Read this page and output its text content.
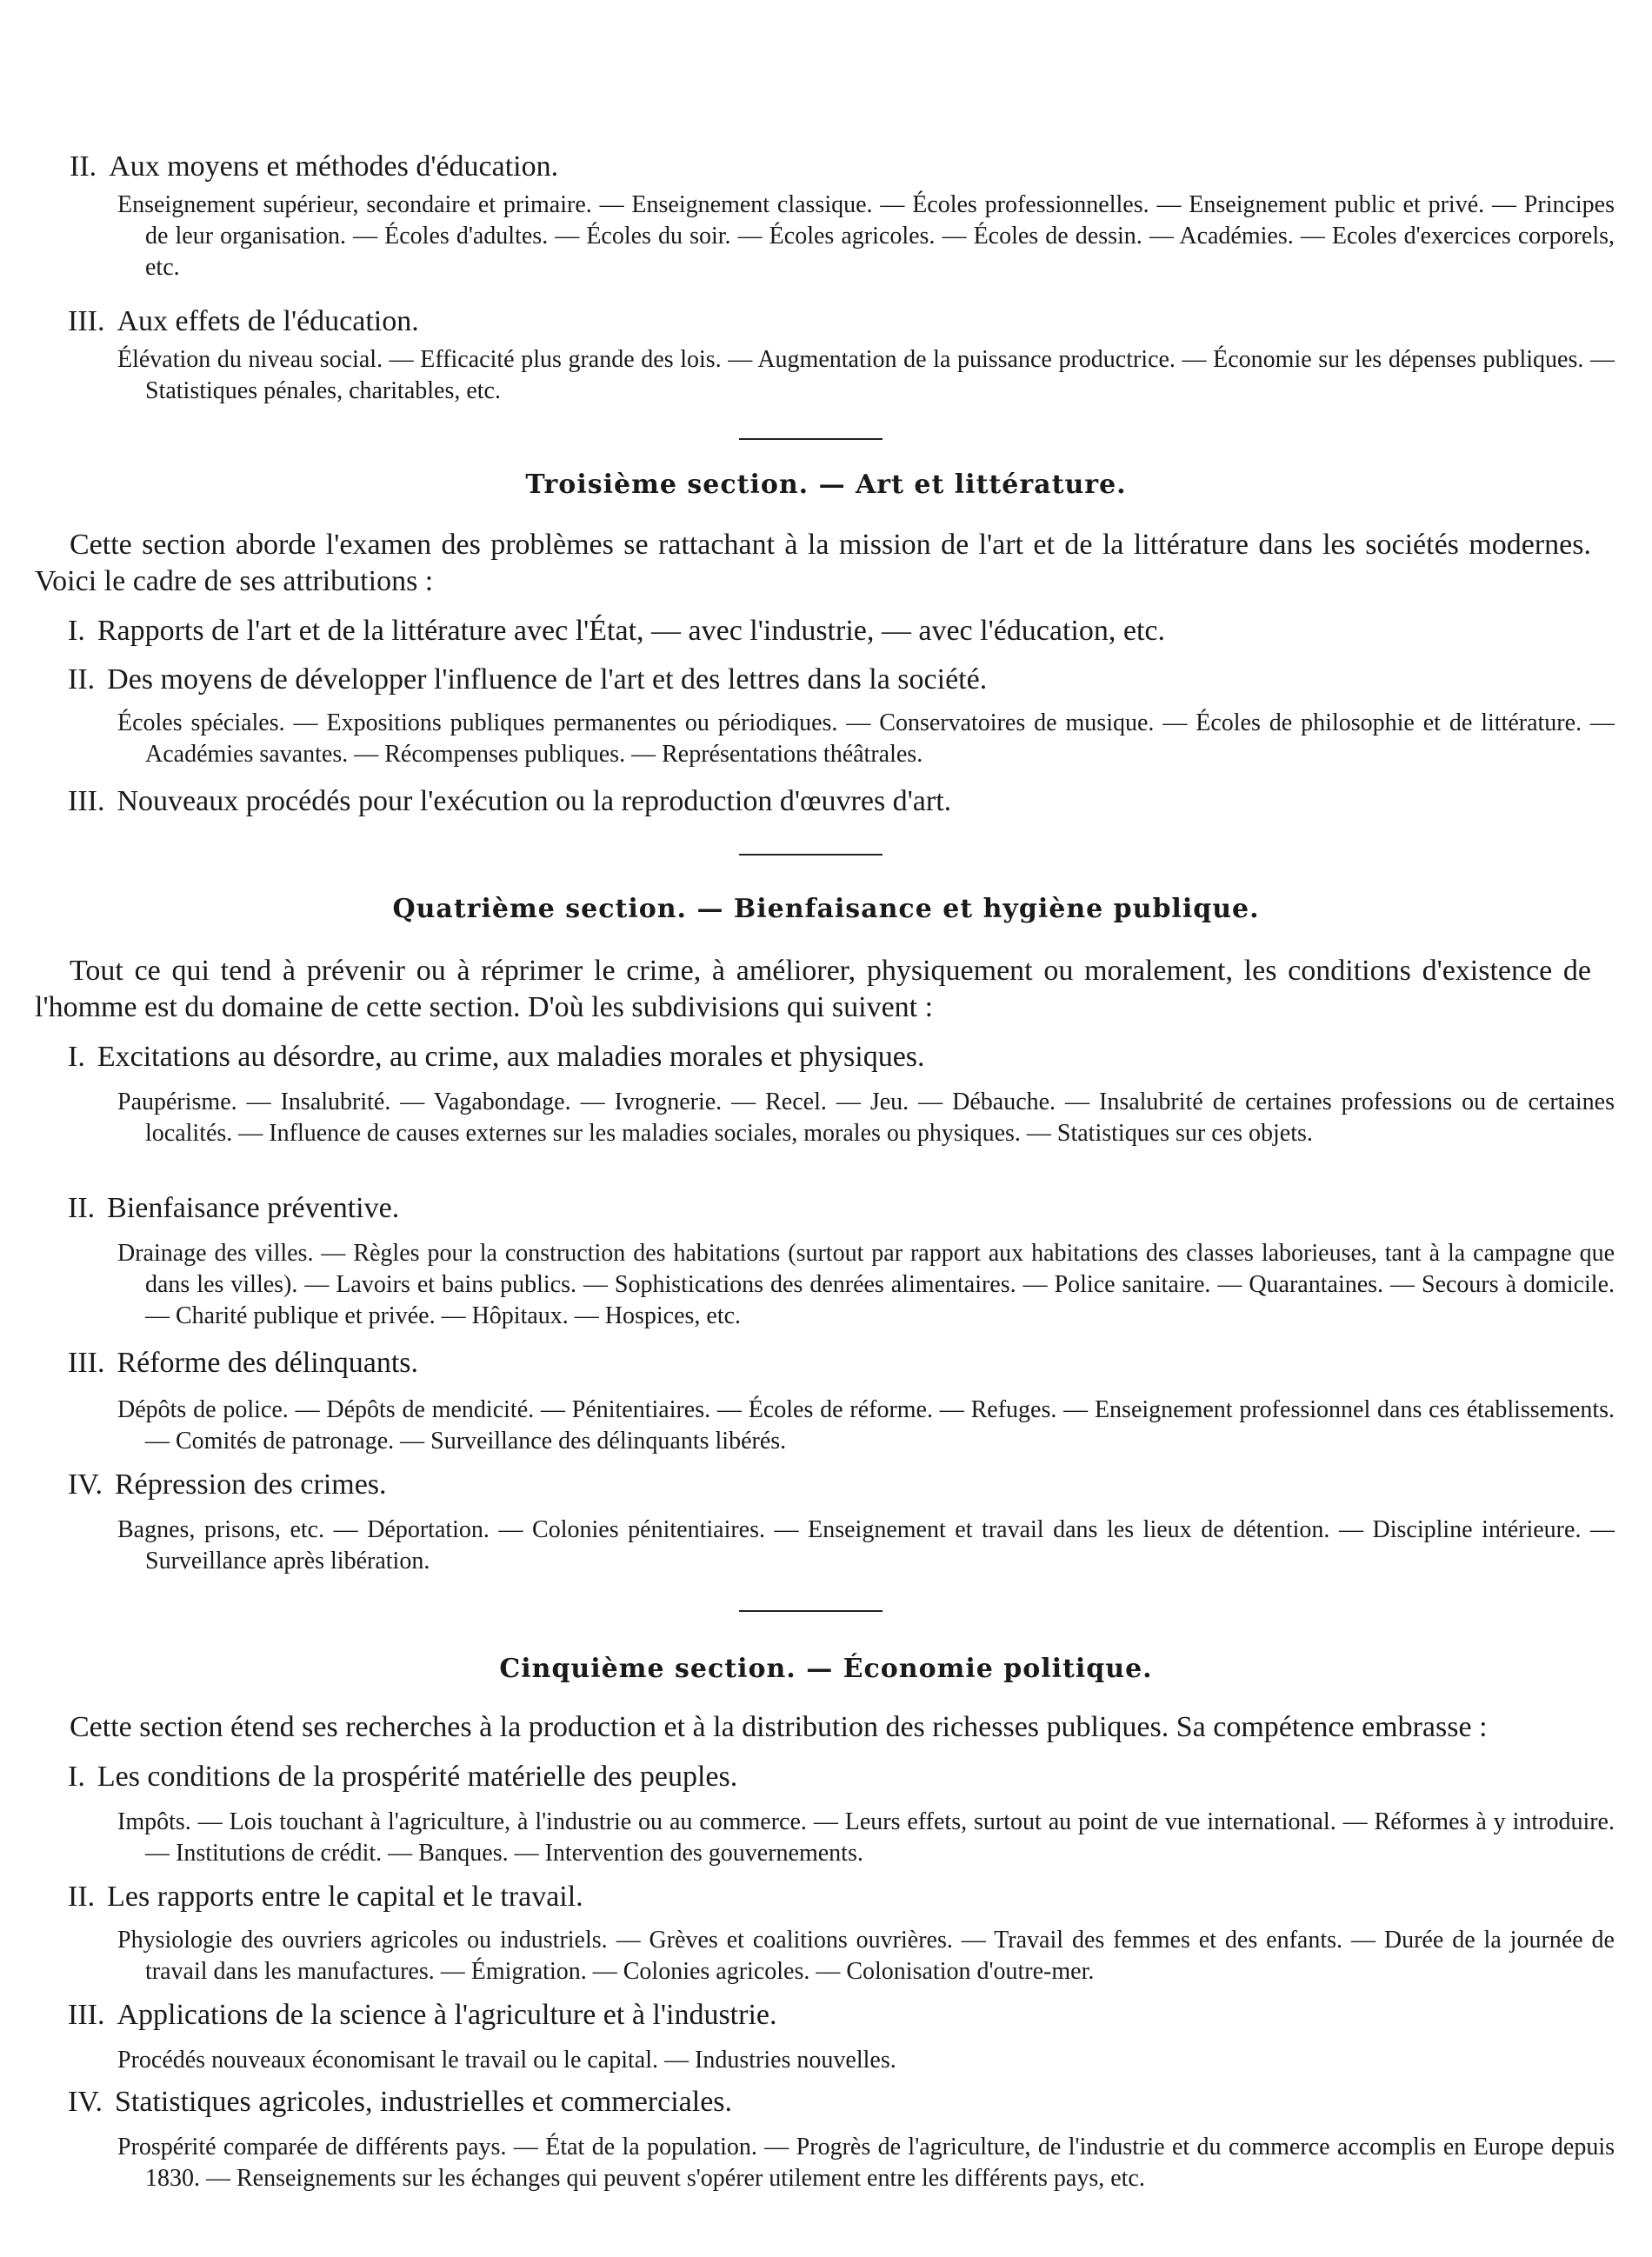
II. Aux moyens et méthodes d'éducation.
Enseignement supérieur, secondaire et primaire. — Enseignement classique. — Écoles professionnelles. — Enseignement public et privé. — Principes de leur organisation. — Écoles d'adultes. — Écoles du soir. — Écoles agricoles. — Écoles de dessin. — Académies. — Ecoles d'exercices corporels, etc.
III. Aux effets de l'éducation.
Élévation du niveau social. — Efficacité plus grande des lois. — Augmentation de la puissance productrice. — Économie sur les dépenses publiques. — Statistiques pénales, charitables, etc.
Troisième section. — Art et littérature.
Cette section aborde l'examen des problèmes se rattachant à la mission de l'art et de la littérature dans les sociétés modernes. Voici le cadre de ses attributions :
I. Rapports de l'art et de la littérature avec l'État, — avec l'industrie, — avec l'éducation, etc.
II. Des moyens de développer l'influence de l'art et des lettres dans la société.
Écoles spéciales. — Expositions publiques permanentes ou périodiques. — Conservatoires de musique. — Écoles de philosophie et de littérature. — Académies savantes. — Récompenses publiques. — Représentations théâtrales.
III. Nouveaux procédés pour l'exécution ou la reproduction d'œuvres d'art.
Quatrième section. — Bienfaisance et hygiène publique.
Tout ce qui tend à prévenir ou à réprimer le crime, à améliorer, physiquement ou moralement, les conditions d'existence de l'homme est du domaine de cette section. D'où les subdivisions qui suivent :
I. Excitations au désordre, au crime, aux maladies morales et physiques.
Paupérisme. — Insalubrité. — Vagabondage. — Ivrognerie. — Recel. — Jeu. — Débauche. — Insalubrité de certaines professions ou de certaines localités. — Influence de causes externes sur les maladies sociales, morales ou physiques. — Statistiques sur ces objets.
II. Bienfaisance préventive.
Drainage des villes. — Règles pour la construction des habitations (surtout par rapport aux habitations des classes laborieuses, tant à la campagne que dans les villes). — Lavoirs et bains publics. — Sophistications des denrées alimentaires. — Police sanitaire. — Quarantaines. — Secours à domicile. — Charité publique et privée. — Hôpitaux. — Hospices, etc.
III. Réforme des délinquants.
Dépôts de police. — Dépôts de mendicité. — Pénitentiaires. — Écoles de réforme. — Refuges. — Enseignement professionnel dans ces établissements. — Comités de patronage. — Surveillance des délinquants libérés.
IV. Répression des crimes.
Bagnes, prisons, etc. — Déportation. — Colonies pénitentiaires. — Enseignement et travail dans les lieux de détention. — Discipline intérieure. — Surveillance après libération.
Cinquième section. — Économie politique.
Cette section étend ses recherches à la production et à la distribution des richesses publiques. Sa compétence embrasse :
I. Les conditions de la prospérité matérielle des peuples.
Impôts. — Lois touchant à l'agriculture, à l'industrie ou au commerce. — Leurs effets, surtout au point de vue international. — Réformes à y introduire. — Institutions de crédit. — Banques. — Intervention des gouvernements.
II. Les rapports entre le capital et le travail.
Physiologie des ouvriers agricoles ou industriels. — Grèves et coalitions ouvrières. — Travail des femmes et des enfants. — Durée de la journée de travail dans les manufactures. — Émigration. — Colonies agricoles. — Colonisation d'outre-mer.
III. Applications de la science à l'agriculture et à l'industrie.
Procédés nouveaux économisant le travail ou le capital. — Industries nouvelles.
IV. Statistiques agricoles, industrielles et commerciales.
Prospérité comparée de différents pays. — État de la population. — Progrès de l'agriculture, de l'industrie et du commerce accomplis en Europe depuis 1830. — Renseignements sur les échanges qui peuvent s'opérer utilement entre les différents pays, etc.
